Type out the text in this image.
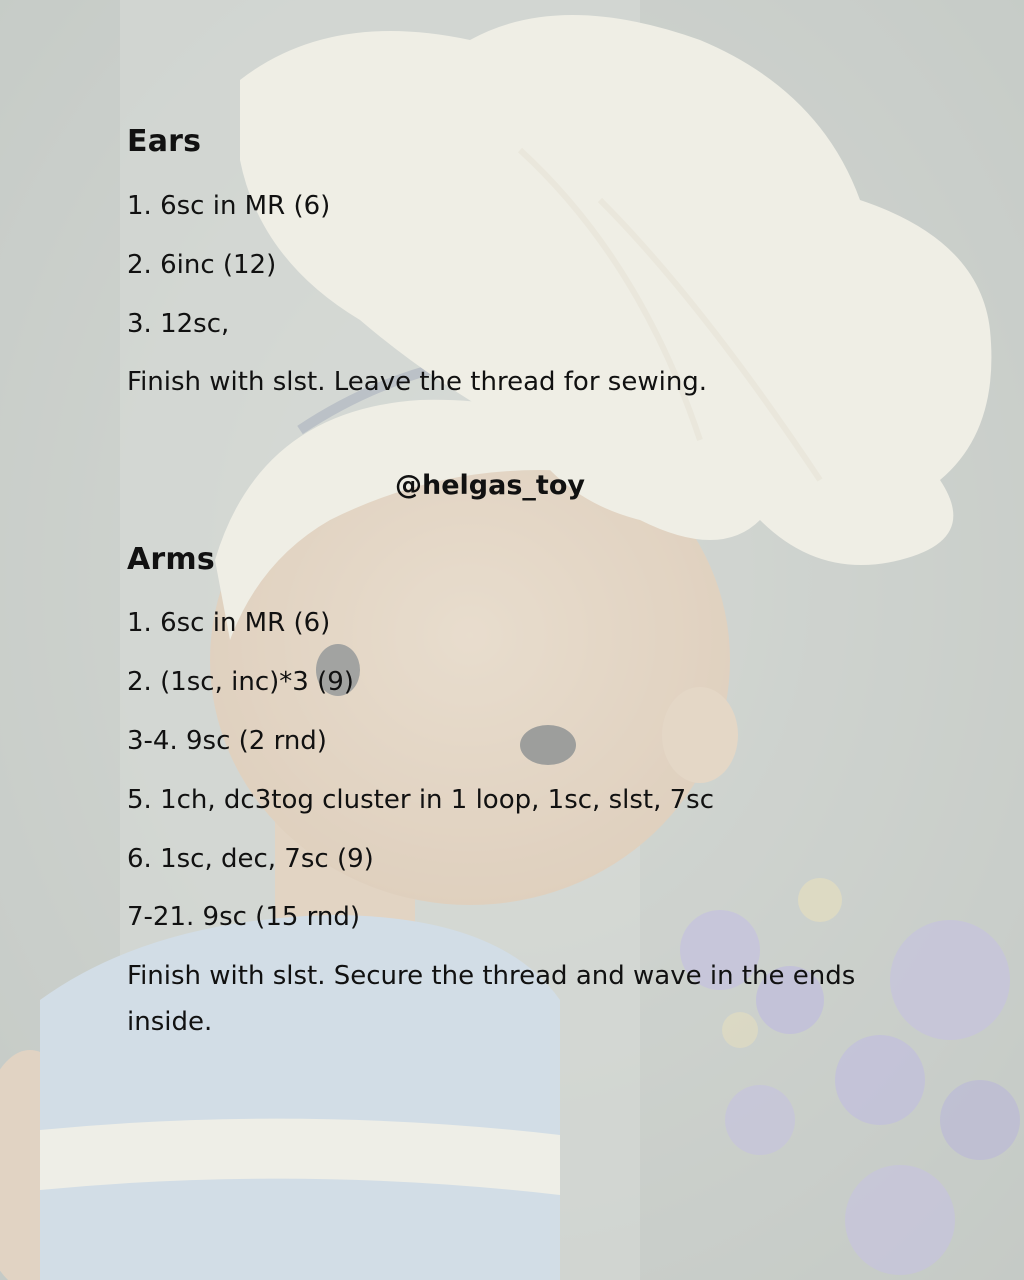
Ears

1. 6sc in MR (6)

2. 6inc (12)

3. 12sc,

Finish with slst. Leave the thread for sewing.

@helgas_toy

Arms

1. 6sc in MR (6)

2. (1sc, inc)*3 (9)

3-4. 9sc (2 rnd)

5. 1ch, dc3tog cluster in 1 loop, 1sc, slst, 7sc

6. 1sc, dec, 7sc (9)

7-21. 9sc (15 rnd)

Finish with slst. Secure the thread and wave in the ends inside.
